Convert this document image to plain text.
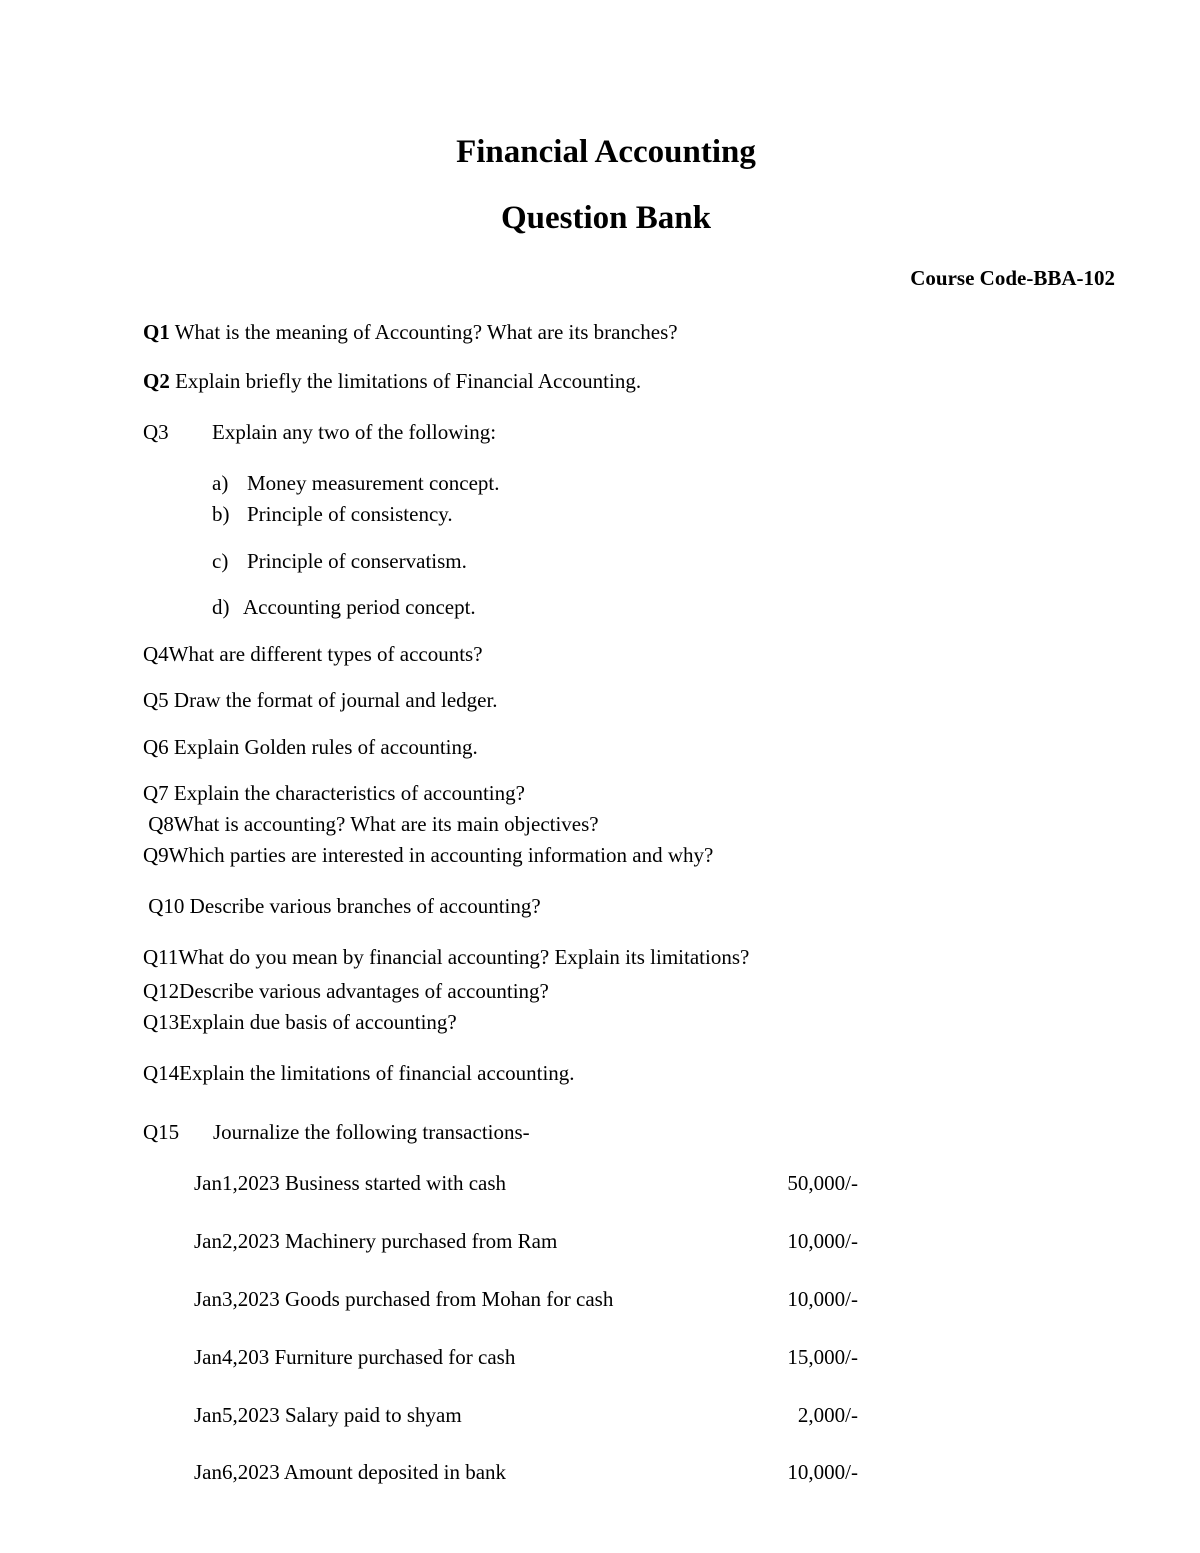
Financial Accounting
Question Bank
Course Code-BBA-102
Q1 What is the meaning of Accounting? What are its branches?
Q2 Explain briefly the limitations of Financial Accounting.
Q3 Explain any two of the following:
a) Money measurement concept.
b) Principle of consistency.
c) Principle of conservatism.
d) Accounting period concept.
Q4What are different types of accounts?
Q5 Draw the format of journal and ledger.
Q6 Explain Golden rules of accounting.
Q7 Explain the characteristics of accounting?
Q8What is accounting? What are its main objectives?
Q9Which parties are interested in accounting information and why?
Q10 Describe various branches of accounting?
Q11What do you mean by financial accounting? Explain its limitations?
Q12Describe various advantages of accounting?
Q13Explain due basis of accounting?
Q14Explain the limitations of financial accounting.
Q15 Journalize the following transactions-
Jan1,2023 Business started with cash	50,000/-
Jan2,2023 Machinery purchased from Ram	10,000/-
Jan3,2023 Goods purchased from Mohan for cash	10,000/-
Jan4,203 Furniture purchased for cash	15,000/-
Jan5,2023 Salary paid to shyam	2,000/-
Jan6,2023 Amount deposited in bank	10,000/-
